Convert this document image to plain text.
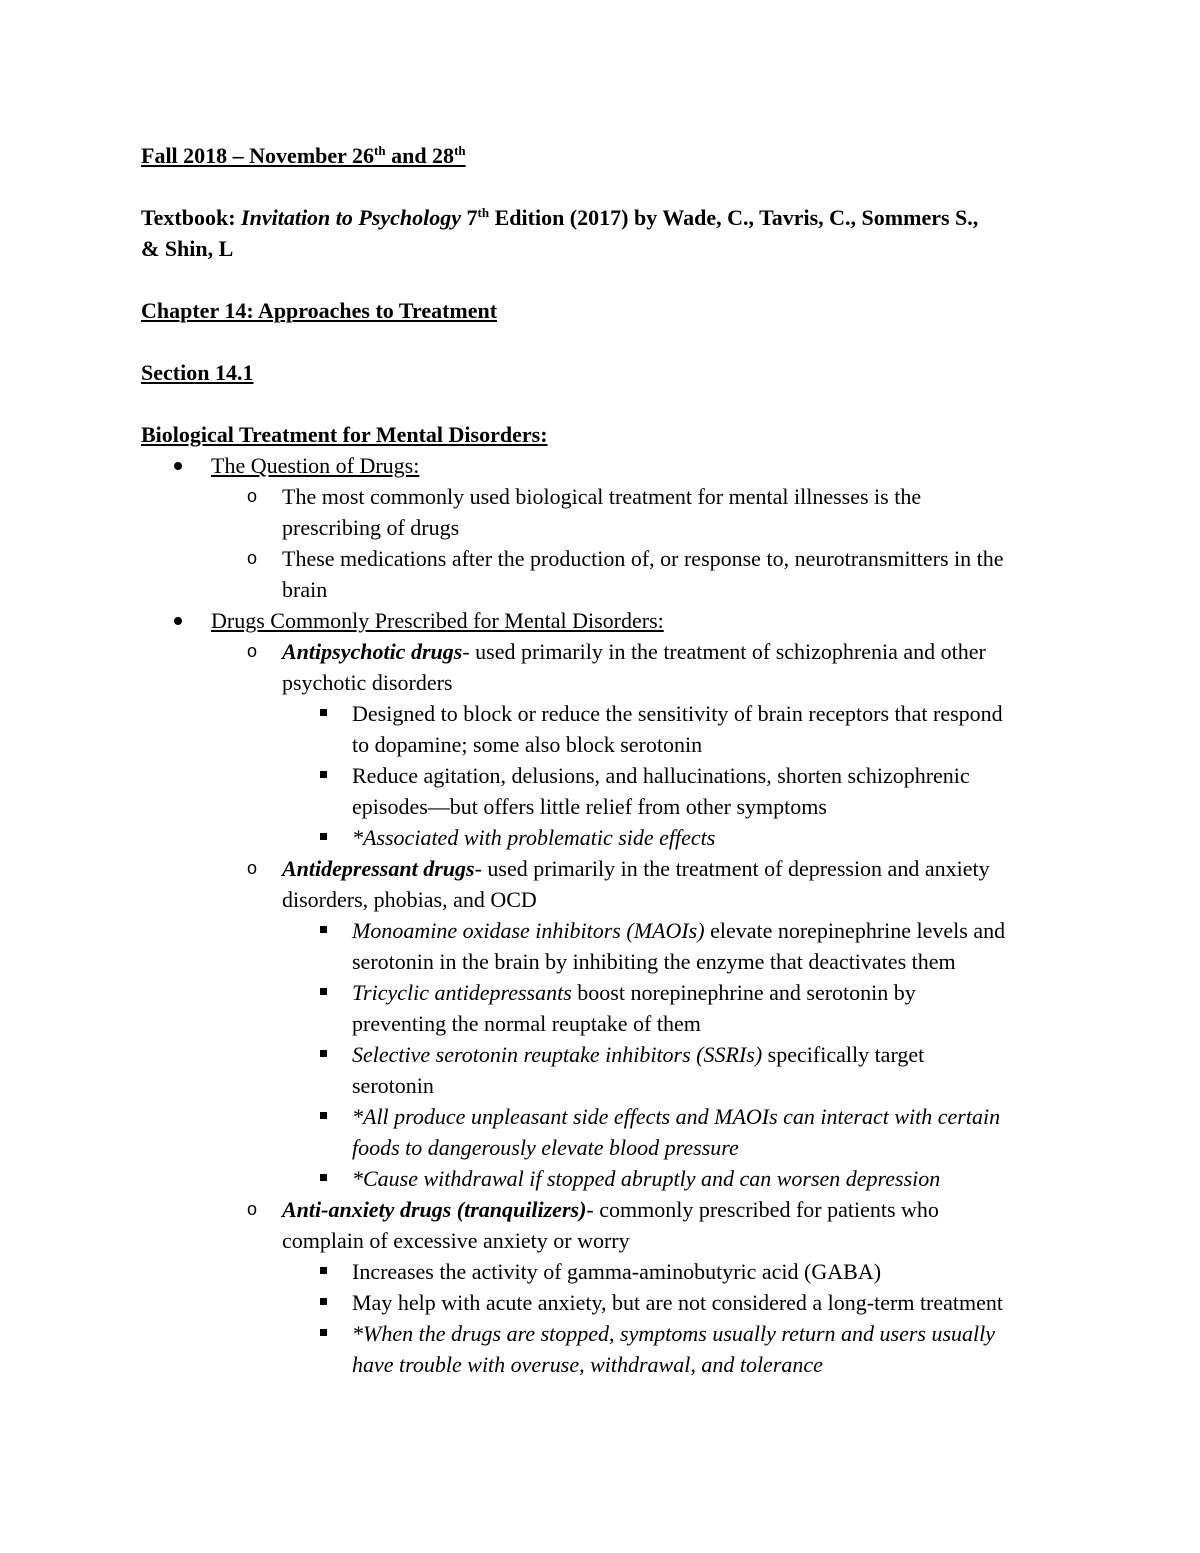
Fall 2018 – November 26th and 28th
Textbook: Invitation to Psychology 7th Edition (2017) by Wade, C., Tavris, C., Sommers S.,
& Shin, L
Chapter 14: Approaches to Treatment
Section 14.1
Biological Treatment for Mental Disorders:
The Question of Drugs:
o The most commonly used biological treatment for mental illnesses is the
prescribing of drugs
o These medications after the production of, or response to, neurotransmitters in the
brain
Drugs Commonly Prescribed for Mental Disorders:
o Antipsychotic drugs- used primarily in the treatment of schizophrenia and other
psychotic disorders
Designed to block or reduce the sensitivity of brain receptors that respond
to dopamine; some also block serotonin
Reduce agitation, delusions, and hallucinations, shorten schizophrenic
episodes—but offers little relief from other symptoms
*Associated with problematic side effects
o Antidepressant drugs- used primarily in the treatment of depression and anxiety
disorders, phobias, and OCD
Monoamine oxidase inhibitors (MAOIs) elevate norepinephrine levels and
serotonin in the brain by inhibiting the enzyme that deactivates them
Tricyclic antidepressants boost norepinephrine and serotonin by
preventing the normal reuptake of them
Selective serotonin reuptake inhibitors (SSRIs) specifically target
serotonin
*All produce unpleasant side effects and MAOIs can interact with certain
foods to dangerously elevate blood pressure
*Cause withdrawal if stopped abruptly and can worsen depression
o Anti-anxiety drugs (tranquilizers)- commonly prescribed for patients who
complain of excessive anxiety or worry
Increases the activity of gamma-aminobutyric acid (GABA)
May help with acute anxiety, but are not considered a long-term treatment
*When the drugs are stopped, symptoms usually return and users usually
have trouble with overuse, withdrawal, and tolerance
